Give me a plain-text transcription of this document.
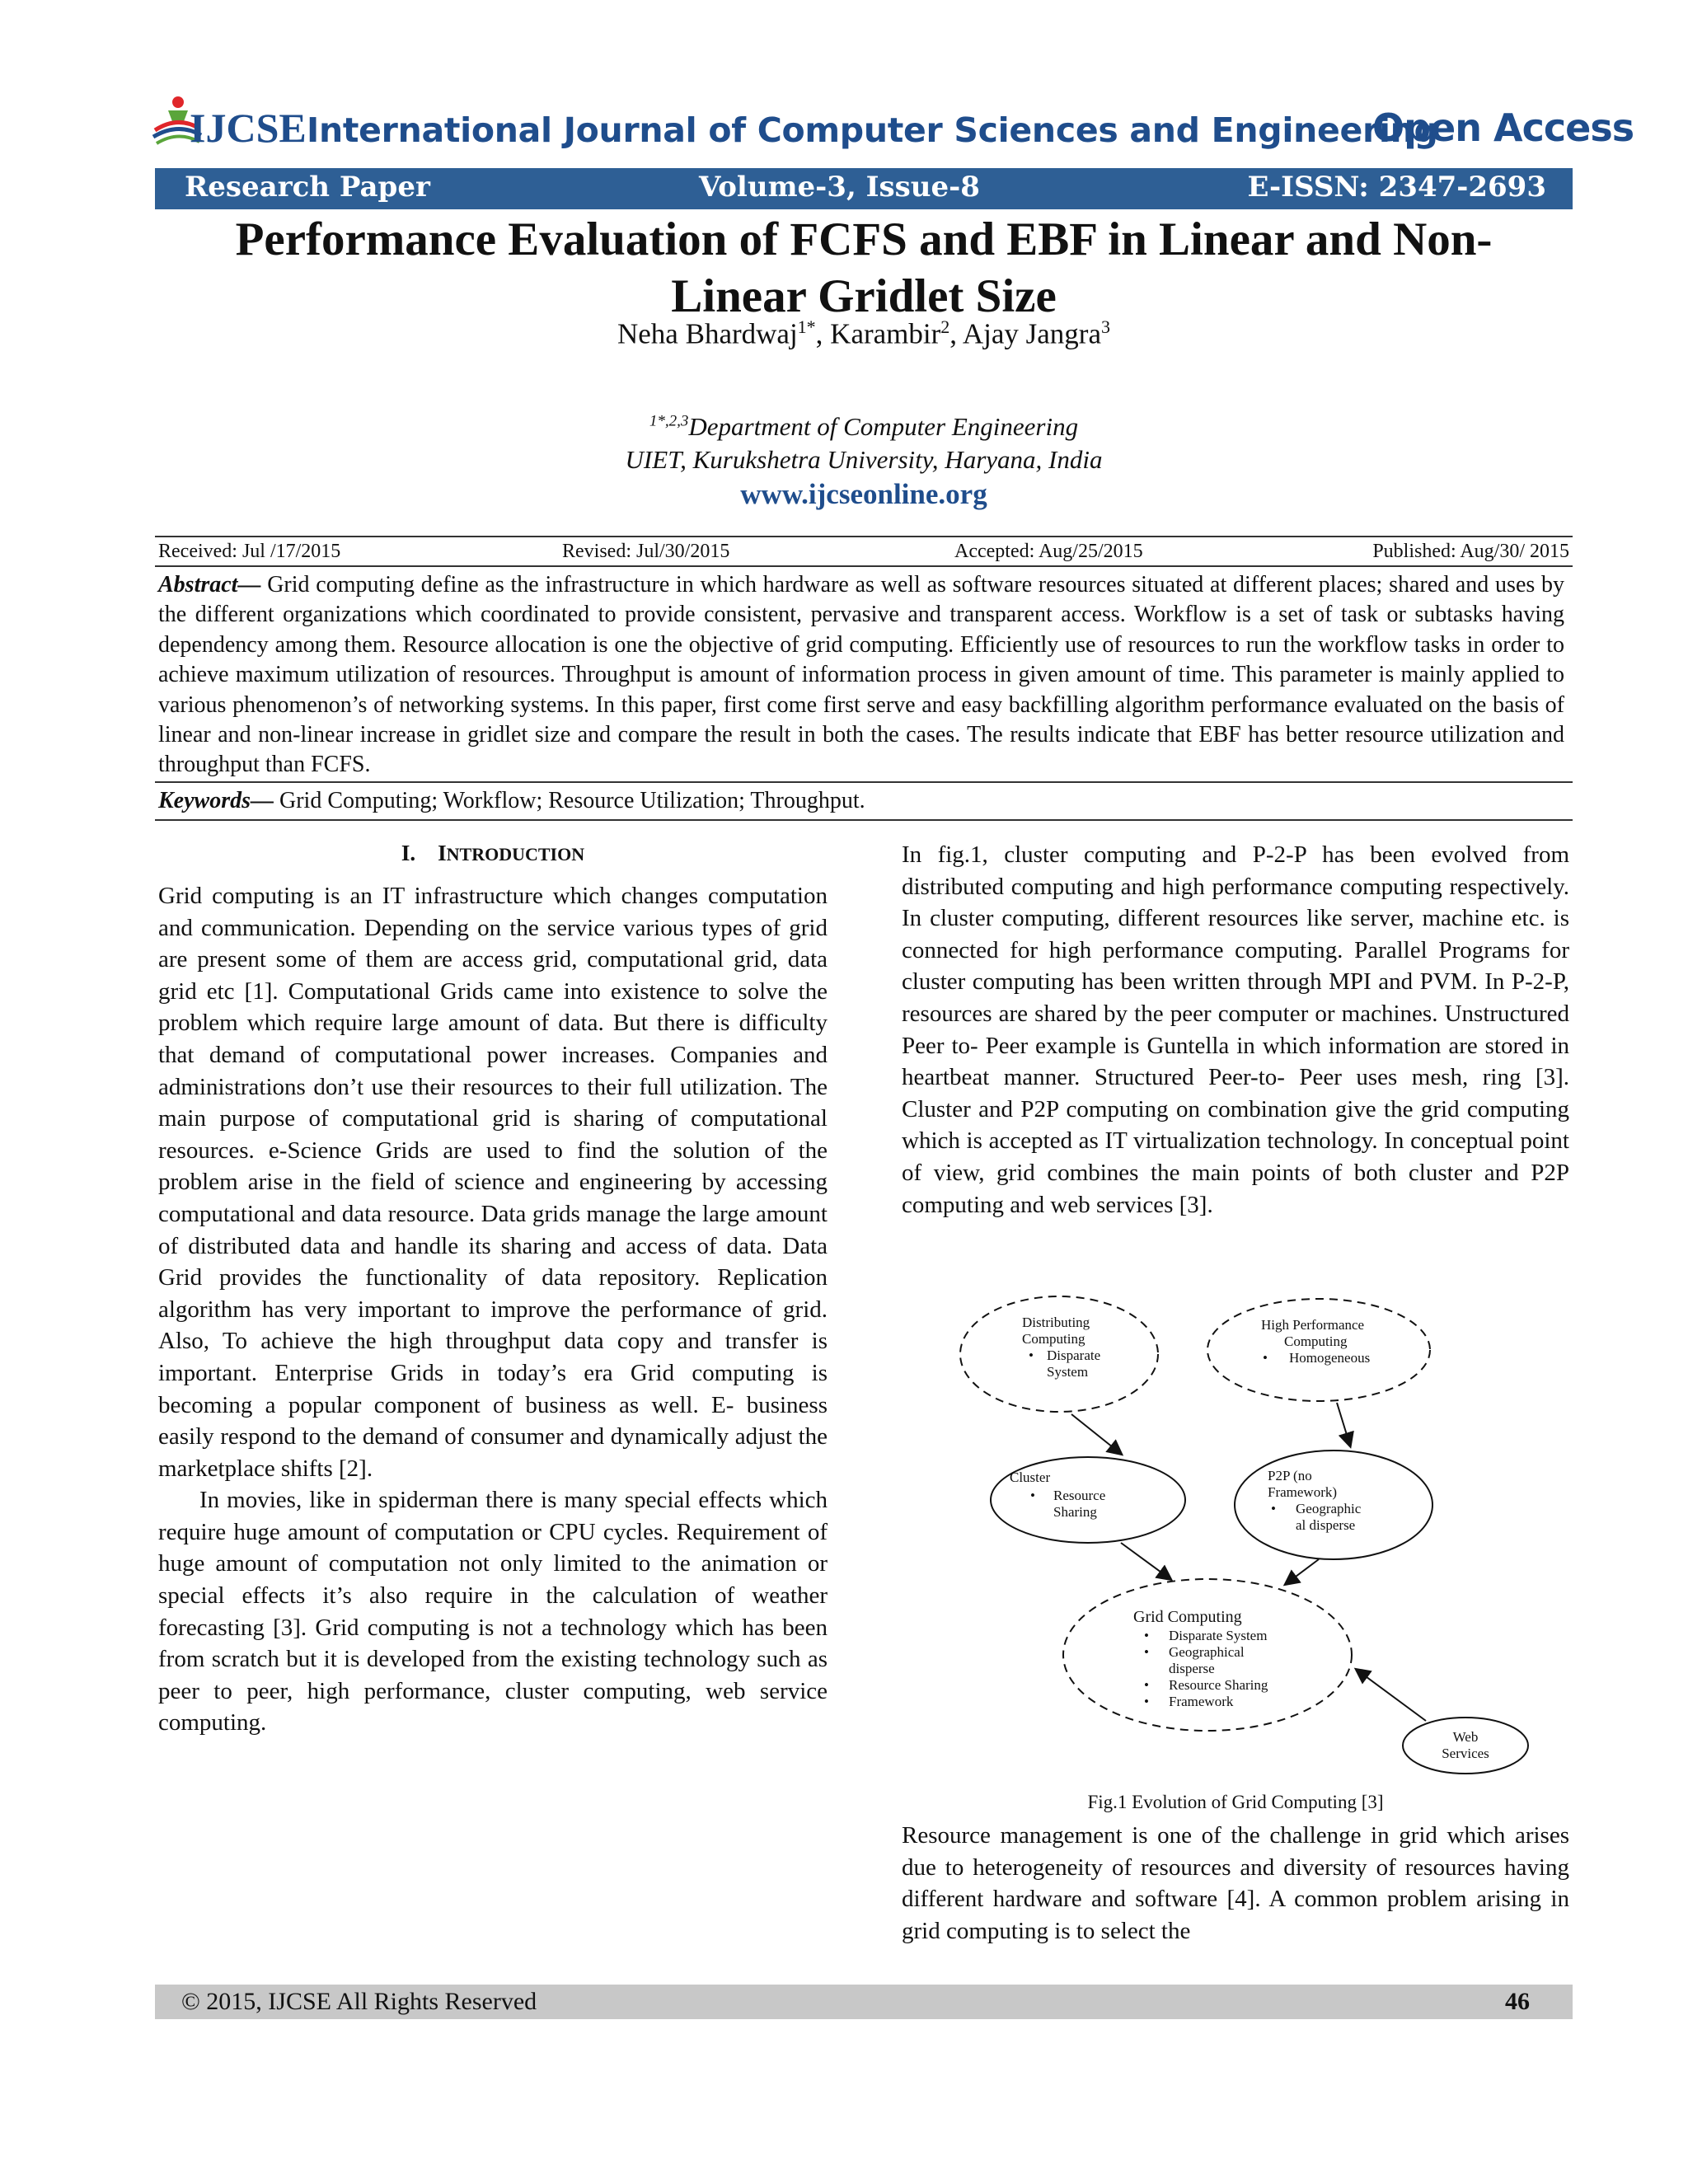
IJCSE International Journal of Computer Sciences and Engineering
Open Access
Research Paper	Volume-3, Issue-8	E-ISSN: 2347-2693
Performance Evaluation of FCFS and EBF in Linear and Non-
Linear Gridlet Size
Neha Bhardwaj$^{1*}$, Karambir$^2$, Ajay Jangra$^3$
$^{1*,2,3}$Department of Computer Engineering
UIET, Kurukshetra University, Haryana, India
www.ijcseonline.org
Received: Jul /17/2015	Revised: Jul/30/2015	Accepted: Aug/25/2015	Published: Aug/30/ 2015
Abstract— Grid computing define as the infrastructure in which hardware as well as software resources situated at different places; shared and uses by the different organizations which coordinated to provide consistent, pervasive and transparent access. Workflow is a set of task or subtasks having dependency among them. Resource allocation is one the objective of grid computing. Efficiently use of resources to run the workflow tasks in order to achieve maximum utilization of resources. Throughput is amount of information process in given amount of time. This parameter is mainly applied to various phenomenon’s of networking systems. In this paper, first come first serve and easy backfilling algorithm performance evaluated on the basis of linear and non-linear increase in gridlet size and compare the result in both the cases. The results indicate that EBF has better resource utilization and throughput than FCFS.
Keywords— Grid Computing; Workflow; Resource Utilization; Throughput.
I. INTRODUCTION

Grid computing is an IT infrastructure which changes computation and communication. Depending on the service various types of grid are present some of them are access grid, computational grid, data grid etc [1]. Computational Grids came into existence to solve the problem which require large amount of data. But there is difficulty that demand of computational power increases. Companies and administrations don’t use their resources to their full utilization. The main purpose of computational grid is sharing of computational resources. e-Science Grids are used to find the solution of the problem arise in the field of science and engineering by accessing computational and data resource. Data grids manage the large amount of distributed data and handle its sharing and access of data. Data Grid provides the functionality of data repository. Replication algorithm has very important to improve the performance of grid. Also, To achieve the high throughput data copy and transfer is important. Enterprise Grids in today’s era Grid computing is becoming a popular component of business as well. E- business easily respond to the demand of consumer and dynamically adjust the marketplace shifts [2].

In movies, like in spiderman there is many special effects which require huge amount of computation or CPU cycles. Requirement of huge amount of computation not only limited to the animation or special effects it’s also require in the calculation of weather forecasting [3]. Grid computing is not a technology which has been from scratch but it is developed from the existing technology such as peer to peer, high performance, cluster computing, web service computing.

In fig.1, cluster computing and P-2-P has been evolved from distributed computing and high performance computing respectively. In cluster computing, different resources like server, machine etc. is connected for high performance computing. Parallel Programs for cluster computing has been written through MPI and PVM. In P-2-P, resources are shared by the peer computer or machines. Unstructured Peer to- Peer example is Guntella in which information are stored in heartbeat manner. Structured Peer-to- Peer uses mesh, ring [3]. Cluster and P2P computing on combination give the grid computing which is accepted as IT virtualization technology. In conceptual point of view, grid combines the main points of both cluster and P2P computing and web services [3].

Distributing
Computing
• Disparate
System
High Performance
Computing
• Homogeneous
Cluster
• Resource
Sharing
P2P (no
Framework)
• Geographic
al disperse
Grid Computing
• Disparate System
• Geographical
disperse
• Resource Sharing
• Framework
Web
Services
Fig.1 Evolution of Grid Computing [3]

Resource management is one of the challenge in grid which arises due to heterogeneity of resources and diversity of resources having different hardware and software [4]. A common problem arising in grid computing is to select the

© 2015, IJCSE All Rights Reserved	46
